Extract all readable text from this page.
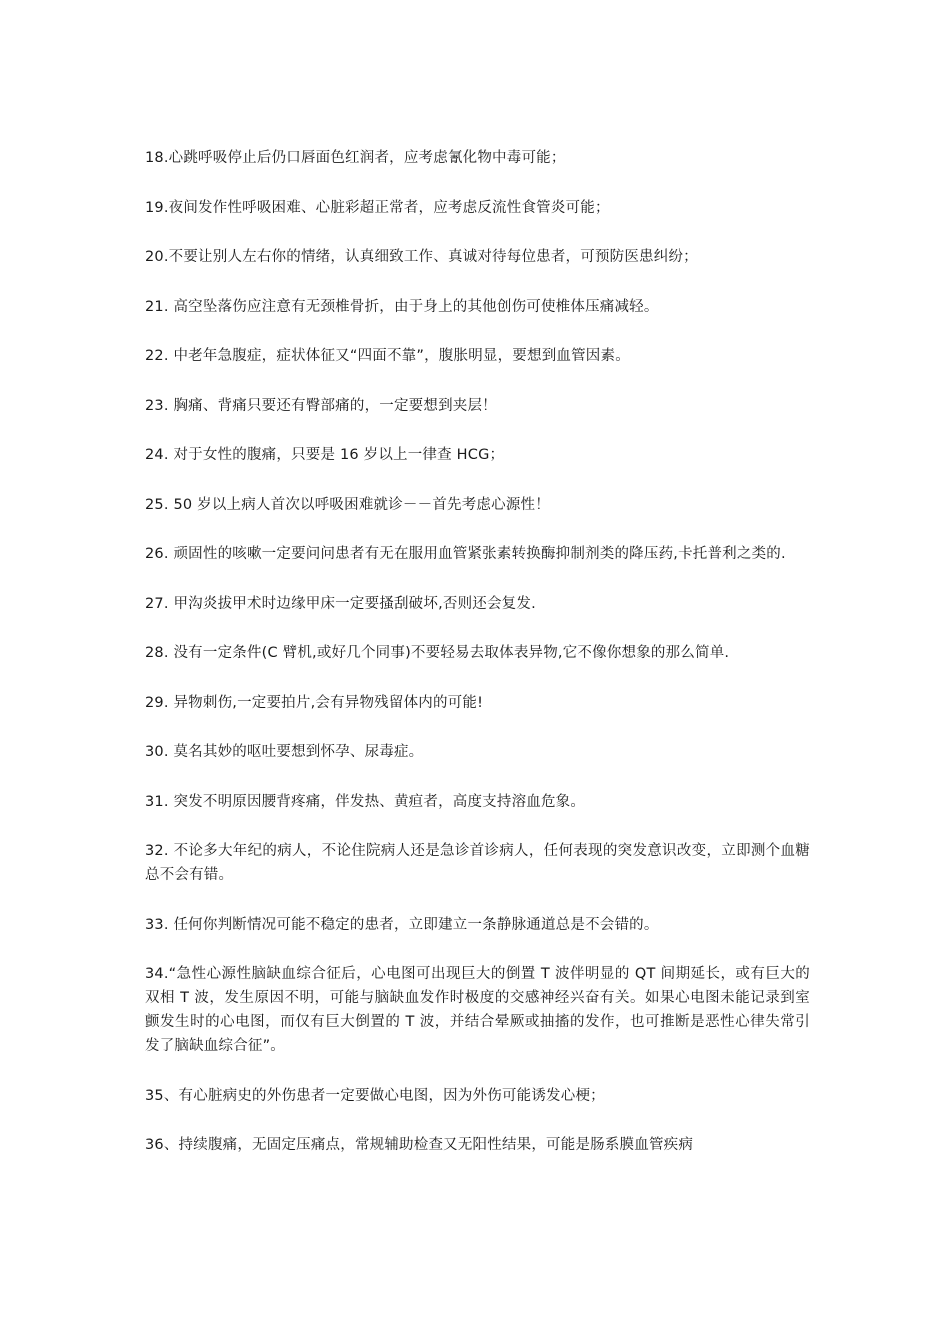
18.心跳呼吸停止后仍口唇面色红润者，应考虑氰化物中毒可能；

19.夜间发作性呼吸困难、心脏彩超正常者，应考虑反流性食管炎可能；

20.不要让别人左右你的情绪，认真细致工作、真诚对待每位患者，可预防医患纠纷；

21. 高空坠落伤应注意有无颈椎骨折，由于身上的其他创伤可使椎体压痛减轻。

22. 中老年急腹症，症状体征又“四面不靠”，腹胀明显，要想到血管因素。

23. 胸痛、背痛只要还有臀部痛的，一定要想到夹层！

24. 对于女性的腹痛，只要是 16 岁以上一律查 HCG；

25. 50 岁以上病人首次以呼吸困难就诊－－首先考虑心源性！

26. 顽固性的咳嗽一定要问问患者有无在服用血管紧张素转换酶抑制剂类的降压药,卡托普利之类的.

27. 甲沟炎拔甲术时边缘甲床一定要搔刮破坏,否则还会复发.

28. 没有一定条件(C 臂机,或好几个同事)不要轻易去取体表异物,它不像你想象的那么简单.

29. 异物刺伤,一定要拍片,会有异物残留体内的可能!

30. 莫名其妙的呕吐要想到怀孕、尿毒症。

31. 突发不明原因腰背疼痛，伴发热、黄疸者，高度支持溶血危象。

32. 不论多大年纪的病人，不论住院病人还是急诊首诊病人，任何表现的突发意识改变，立即测个血糖总不会有错。

33. 任何你判断情况可能不稳定的患者，立即建立一条静脉通道总是不会错的。

34.“急性心源性脑缺血综合征后，心电图可出现巨大的倒置 T 波伴明显的 QT 间期延长，或有巨大的双相 T 波，发生原因不明，可能与脑缺血发作时极度的交感神经兴奋有关。如果心电图未能记录到室颤发生时的心电图，而仅有巨大倒置的 T 波，并结合晕厥或抽搐的发作，也可推断是恶性心律失常引发了脑缺血综合征”。

35、有心脏病史的外伤患者一定要做心电图，因为外伤可能诱发心梗；

36、持续腹痛，无固定压痛点，常规辅助检查又无阳性结果，可能是肠系膜血管疾病
